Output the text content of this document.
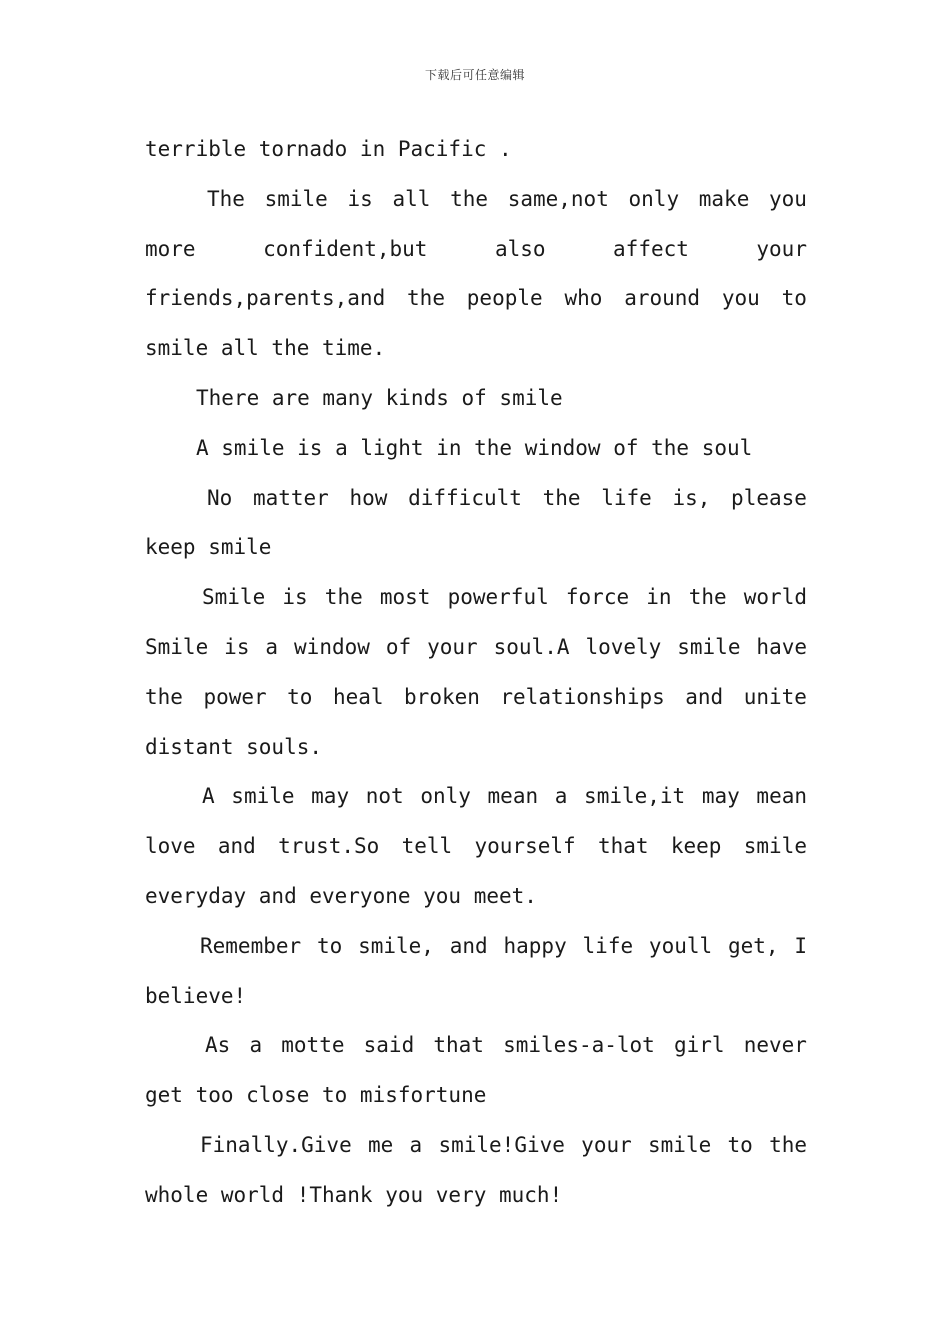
下载后可任意编辑
terrible tornado in Pacific .
The smile is all the same,not only make you
more	confident,but	also	affect	your
friends,parents,and the people who around you to
smile all the time.
There are many kinds of smile
A smile is a light in the window of the soul
No matter how difficult the life is, please
keep smile
Smile is the most powerful force in the world
Smile is a window of your soul.A lovely smile have
the power to heal broken relationships and unite
distant souls.
A smile may not only mean a smile,it may mean
love and trust.So tell yourself that keep smile
everyday and everyone you meet.
Remember to smile, and happy life youll get, I
believe!
As a motte said that smiles-a-lot girl never
get too close to misfortune
Finally.Give me a smile!Give your smile to the
whole world !Thank you very much!
